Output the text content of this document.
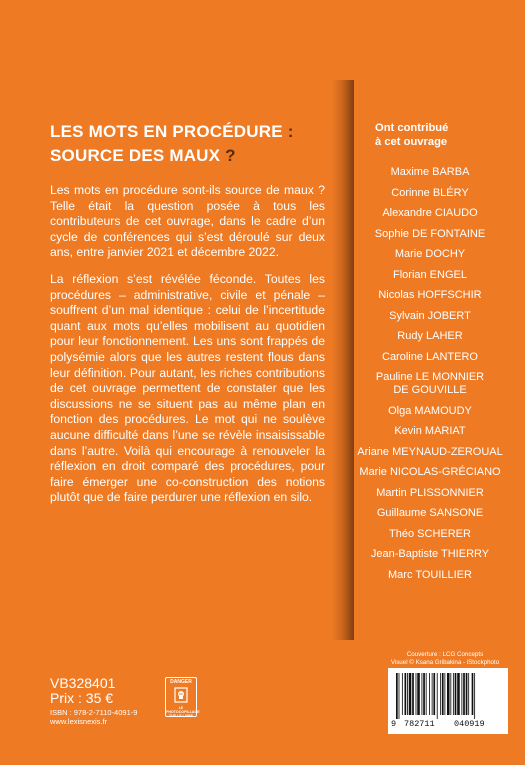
LES MOTS EN PROCÉDURE :
SOURCE DES MAUX ?

Les mots en procédure sont-ils source de maux ? Telle était la question posée à tous les contributeurs de cet ouvrage, dans le cadre d’un cycle de conférences qui s’est déroulé sur deux ans, entre janvier 2021 et décembre 2022.

La réflexion s’est révélée féconde. Toutes les procédures – administrative, civile et pénale – souffrent d’un mal identique : celui de l’incertitude quant aux mots qu’elles mobilisent au quotidien pour leur fonctionnement. Les uns sont frappés de polysémie alors que les autres restent flous dans leur définition. Pour autant, les riches contributions de cet ouvrage permettent de constater que les discussions ne se situent pas au même plan en fonction des procédures. Le mot qui ne soulève aucune difficulté dans l’une se révèle insaisissable dans l’autre. Voilà qui encourage à renouveler la réflexion en droit comparé des procédures, pour faire émerger une co-construction des notions plutôt que de faire perdurer une réflexion en silo.

Ont contribué
à cet ouvrage
Maxime BARBA
Corinne BLÉRY
Alexandre CIAUDO
Sophie DE FONTAINE
Marie DOCHY
Florian ENGEL
Nicolas HOFFSCHIR
Sylvain JOBERT
Rudy LAHER
Caroline LANTERO
Pauline LE MONNIER
DE GOUVILLE
Olga MAMOUDY
Kevin MARIAT
Ariane MEYNAUD-ZEROUAL
Marie NICOLAS-GRÉCIANO
Martin PLISSONNIER
Guillaume SANSONE
Théo SCHERER
Jean-Baptiste THIERRY
Marc TOUILLIER
Couverture : LCG Concepts
Visuel © Ksana Gribakina - iStockphoto
9 782711 040919
VB328401
Prix : 35 €
ISBN : 978-2-7110-4091-9
www.lexisnexis.fr
DANGER
LE PHOTOCOPILLAGE TUE LE LIVRE
